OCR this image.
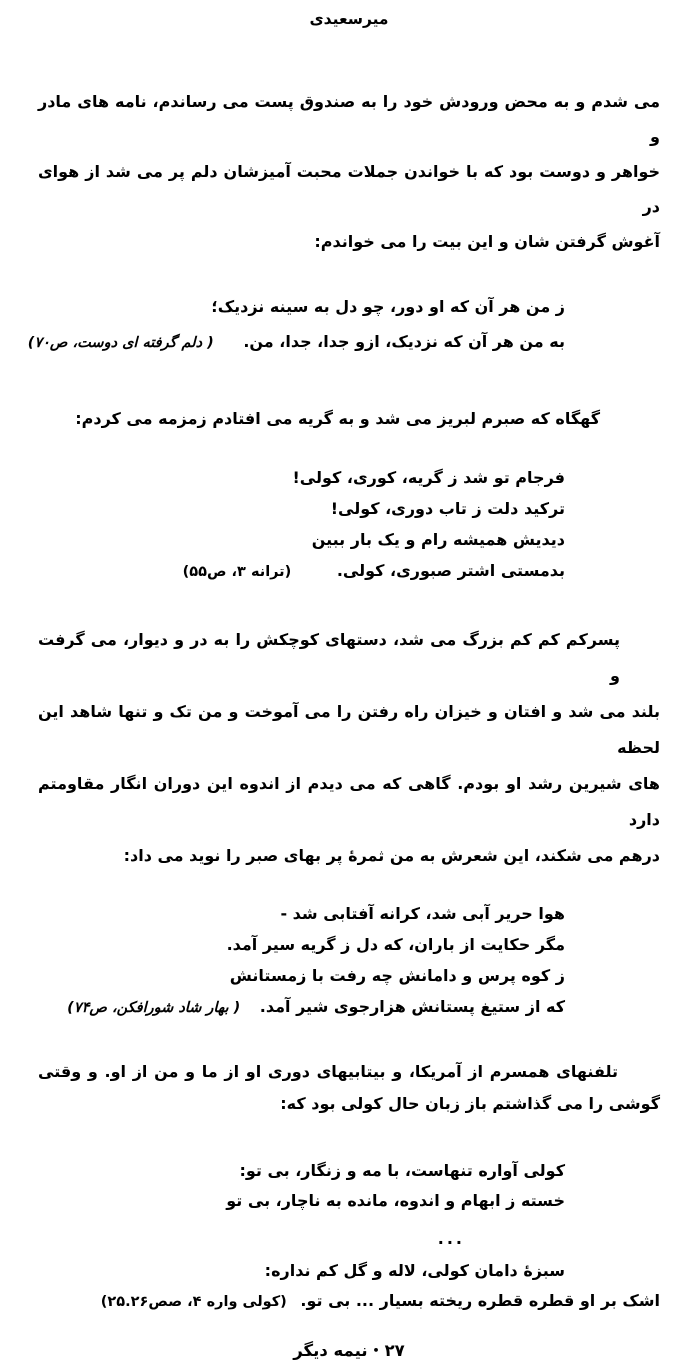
میرسعیدی
می شدم و به محض ورودش خود را به صندوق پست می رساندم، نامه های مادر و
خواهر و دوست بود که با خواندن جملات محبت آمیزشان دلم پر می شد از هوای در
آغوش گرفتن شان و این بیت را می خواندم:
ز من هر آن که او دور، چو دل به سینه نزدیک؛
به من هر آن که نزدیک، ازو جدا، جدا، من. ( دلم گرفته ای دوست، ص۷۰)
گهگاه که صبرم لبریز می شد و به گریه می افتادم زمزمه می کردم:
فرجام تو شد ز گریه، کوری، کولی!
ترکید دلت ز تاب دوری، کولی!
دیدیش همیشه رام و یک بار ببین
بدمستی اشتر صبوری، کولی. (ترانه ۳، ص۵۵)
پسرکم کم کم بزرگ می شد، دستهای کوچکش را به در و دیوار، می گرفت و
بلند می شد و افتان و خیزان راه رفتن را می آموخت و من تک و تنها شاهد این لحظه
های شیرین رشد او بودم. گاهی که می دیدم از اندوه این دوران انگار مقاومتم دارد
درهم می شکند، این شعرش به من ثمرهٔ پر بهای صبر را نوید می داد:
هوا حریر آبی شد، کرانه آفتابی شد -
مگر حکایت از باران، که دل ز گریه سیر آمد.
ز کوه پرس و دامانش چه رفت با زمستانش
که از ستیغ پستانش هزارجوی شیر آمد. ( بهار شاد شورافکن، ص۷۴)
تلفنهای همسرم از آمریکا، و بیتابیهای دوری او از ما و من از او. و وقتی
گوشی را می گذاشتم باز زبان حال کولی بود که:
کولی آواره تنهاست، با مه و زنگار، بی تو:
خسته ز ابهام و اندوه، مانده به ناچار، بی تو
...
سبزهٔ دامان کولی، لاله و گل کم نداره:
اشک بر او قطره قطره ریخته بسیار ... بی تو. (کولی واره ۴، صص۲۵.۲۶)
۲۷•نیمه دیگر
